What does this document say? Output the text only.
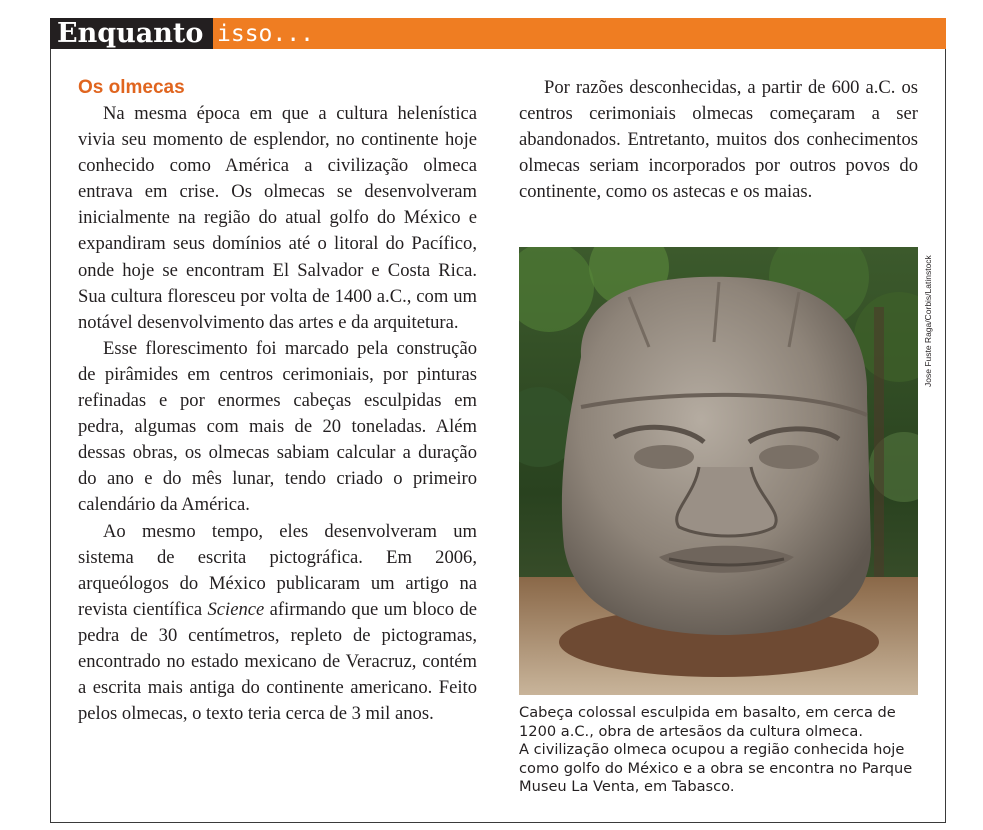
Enquanto isso...
Os olmecas

Na mesma época em que a cultura helenística vivia seu momento de esplendor, no continente hoje conhecido como América a civilização olmeca entrava em crise. Os olmecas se desenvolveram inicialmente na região do atual golfo do México e expandiram seus domínios até o litoral do Pacífico, onde hoje se encontram El Salvador e Costa Rica. Sua cultura floresceu por volta de 1400 a.C., com um notável desenvolvimento das artes e da arquitetura.

Esse florescimento foi marcado pela construção de pirâmides em centros cerimoniais, por pinturas refinadas e por enormes cabeças esculpidas em pedra, algumas com mais de 20 toneladas. Além dessas obras, os olmecas sabiam calcular a duração do ano e do mês lunar, tendo criado o primeiro calendário da América.

Ao mesmo tempo, eles desenvolveram um sistema de escrita pictográfica. Em 2006, arqueólogos do México publicaram um artigo na revista científica Science afirmando que um bloco de pedra de 30 centímetros, repleto de pictogramas, encontrado no estado mexicano de Veracruz, contém a escrita mais antiga do continente americano. Feito pelos olmecas, o texto teria cerca de 3 mil anos.

Por razões desconhecidas, a partir de 600 a.C. os centros cerimoniais olmecas começaram a ser abandonados. Entretanto, muitos dos conhecimentos olmecas seriam incorporados por outros povos do continente, como os astecas e os maias.

Jose Fuste Raga/Corbis/Latinstock
Cabeça colossal esculpida em basalto, em cerca de
1200 a.C., obra de artesãos da cultura olmeca.
A civilização olmeca ocupou a região conhecida hoje
como golfo do México e a obra se encontra no Parque
Museu La Venta, em Tabasco.
